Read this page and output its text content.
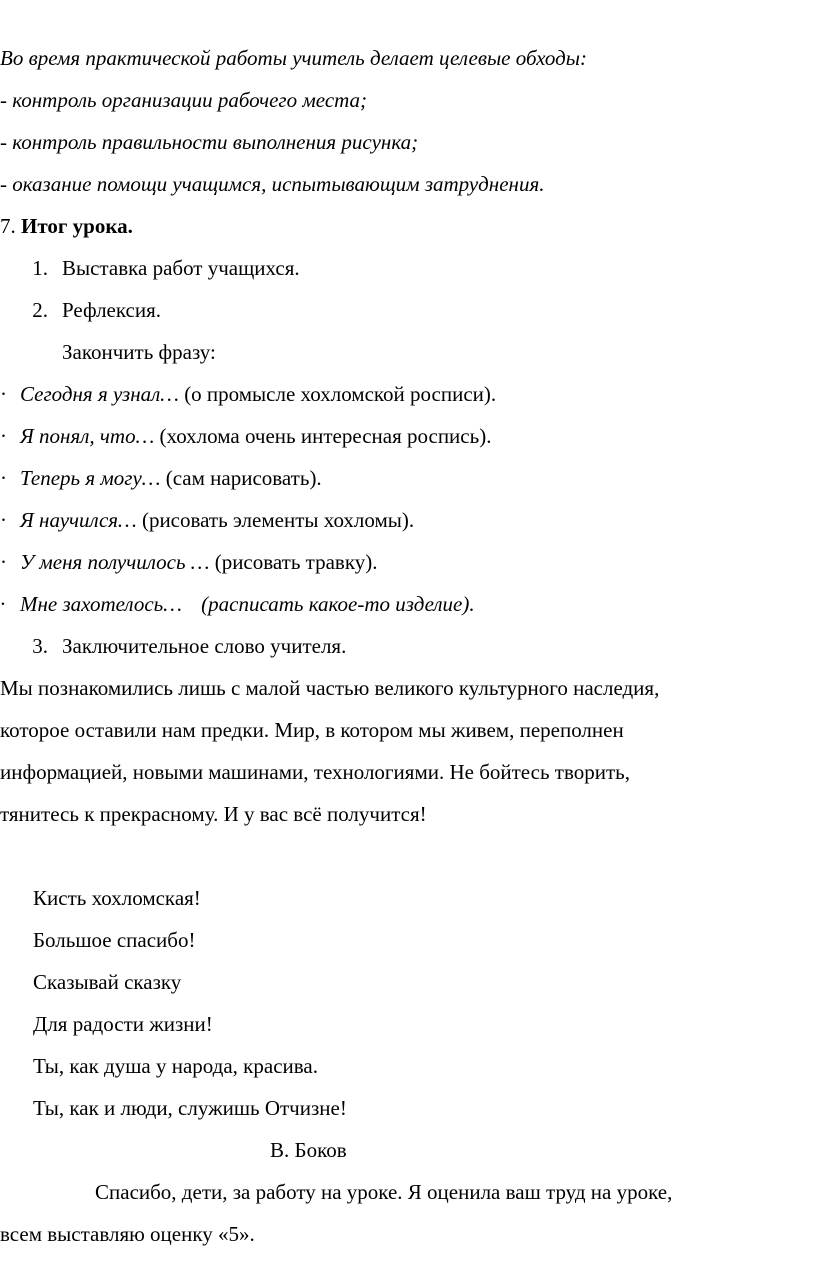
Во время практической работы учитель делает целевые обходы:
- контроль организации рабочего места;
- контроль правильности выполнения рисунка;
- оказание помощи учащимся, испытывающим затруднения.
7. Итог урока.
1. Выставка работ учащихся.
2. Рефлексия.
Закончить фразу:
· Сегодня я узнал… (о промысле хохломской росписи).
· Я понял, что… (хохлома очень интересная роспись).
· Теперь я могу… (сам нарисовать).
· Я научился… (рисовать элементы хохломы).
· У меня получилось … (рисовать травку).
· Мне захотелось… (расписать какое-то изделие).
3. Заключительное слово учителя.
Мы познакомились лишь с малой частью великого культурного наследия,
которое оставили нам предки. Мир, в котором мы живем, переполнен
информацией, новыми машинами, технологиями. Не бойтесь творить,
тянитесь к прекрасному. И у вас всё получится!
Кисть хохломская!
Большое спасибо!
Сказывай сказку
Для радости жизни!
Ты, как душа у народа, красива.
Ты, как и люди, служишь Отчизне!
В. Боков
Спасибо, дети, за работу на уроке. Я оценила ваш труд на уроке,
всем выставляю оценку «5».
